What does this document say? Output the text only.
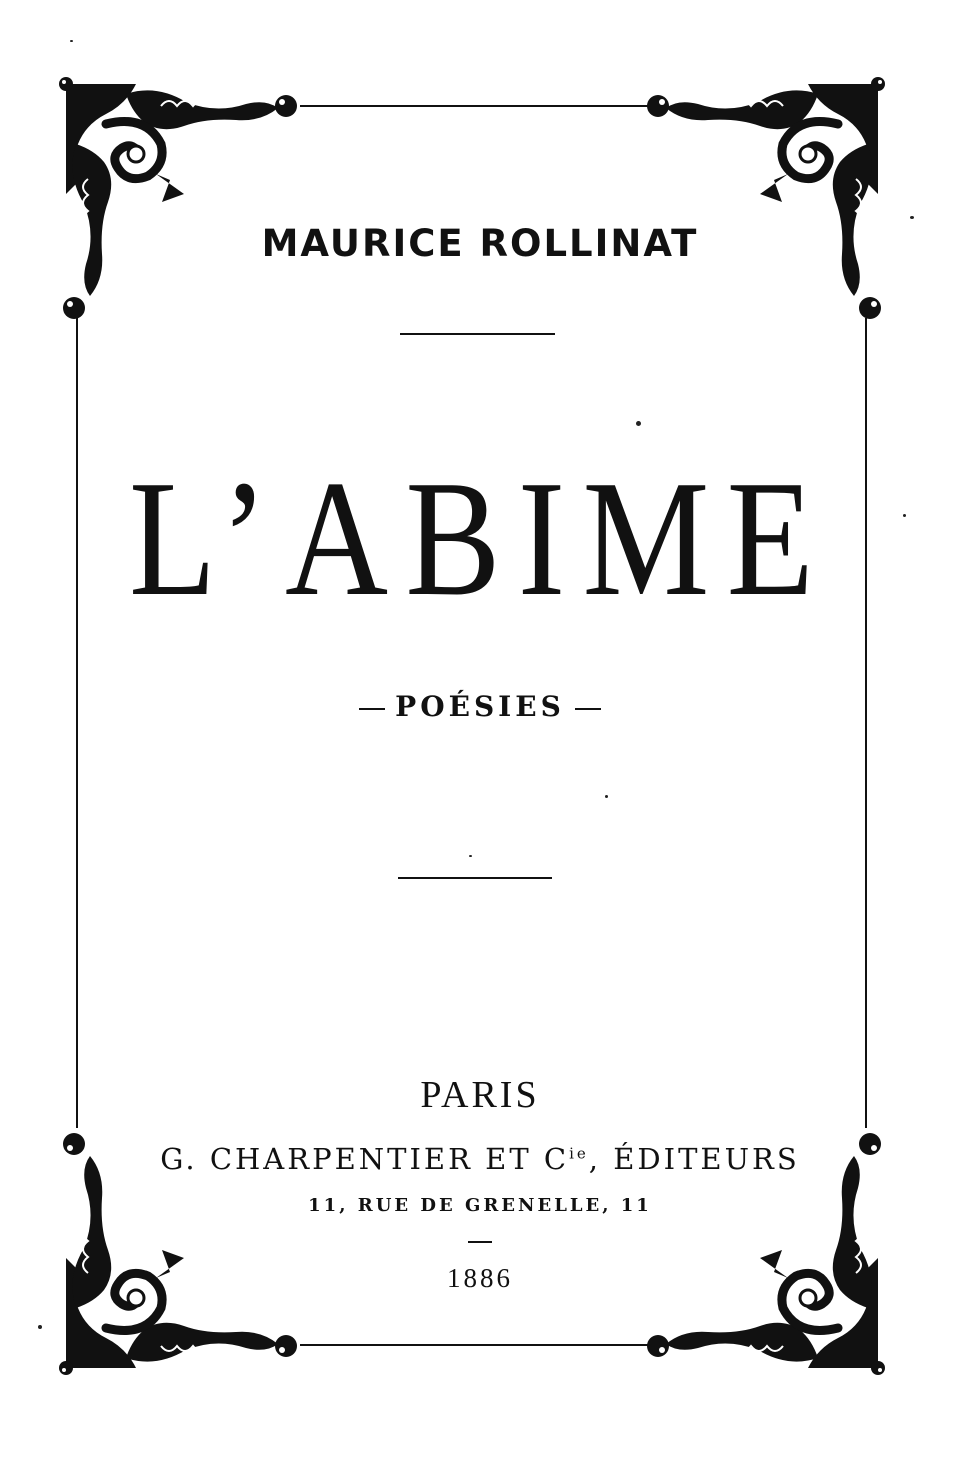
MAURICE ROLLINAT
L’ABIME
POÉSIES
PARIS
G. CHARPENTIER ET $C^{ie}$, ÉDITEURS
11, RUE DE GRENELLE, 11
1886
